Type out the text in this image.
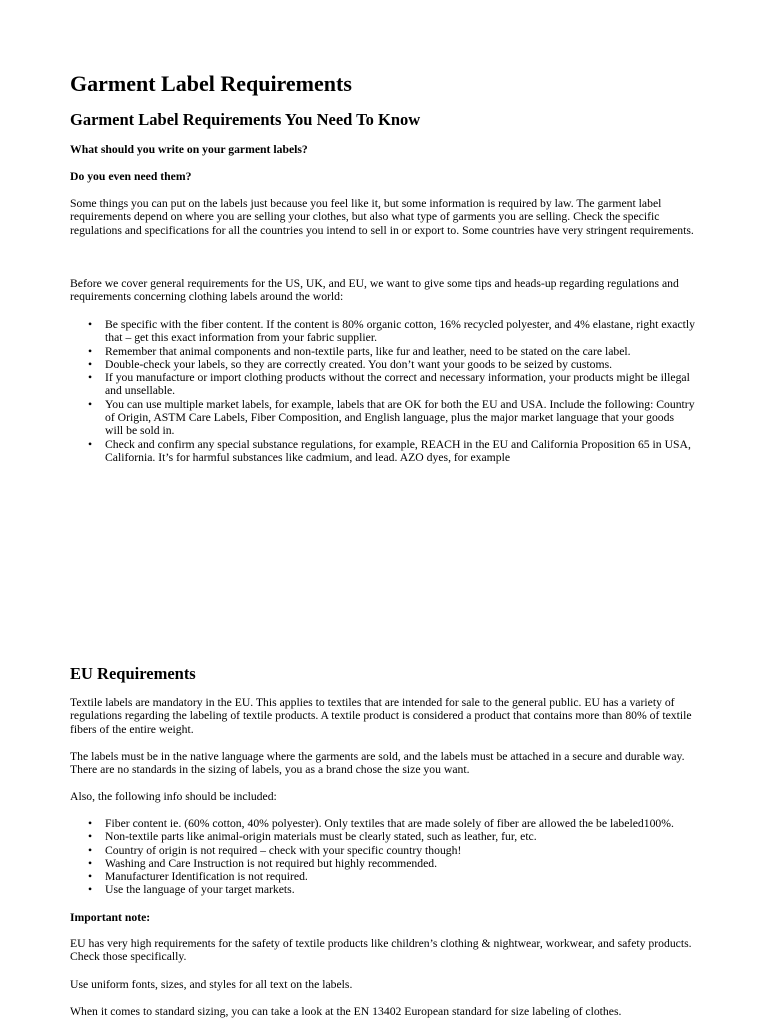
Garment Label Requirements
Garment Label Requirements You Need To Know

What should you write on your garment labels?

Do you even need them?

Some things you can put on the labels just because you feel like it, but some information is required by law. The garment label requirements depend on where you are selling your clothes, but also what type of garments you are selling. Check the specific regulations and specifications for all the countries you intend to sell in or export to. Some countries have very stringent requirements.

Before we cover general requirements for the US, UK, and EU, we want to give some tips and heads-up regarding regulations and requirements concerning clothing labels around the world:

• Be specific with the fiber content. If the content is 80% organic cotton, 16% recycled polyester, and 4% elastane, right exactly that – get this exact information from your fabric supplier.
• Remember that animal components and non-textile parts, like fur and leather, need to be stated on the care label.
• Double-check your labels, so they are correctly created. You don’t want your goods to be seized by customs.
• If you manufacture or import clothing products without the correct and necessary information, your products might be illegal and unsellable.
• You can use multiple market labels, for example, labels that are OK for both the EU and USA. Include the following: Country of Origin, ASTM Care Labels, Fiber Composition, and English language, plus the major market language that your goods will be sold in.
• Check and confirm any special substance regulations, for example, REACH in the EU and California Proposition 65 in USA, California. It’s for harmful substances like cadmium, and lead. AZO dyes, for example
EU Requirements

Textile labels are mandatory in the EU. This applies to textiles that are intended for sale to the general public. EU has a variety of regulations regarding the labeling of textile products. A textile product is considered a product that contains more than 80% of textile fibers of the entire weight.

The labels must be in the native language where the garments are sold, and the labels must be attached in a secure and durable way. There are no standards in the sizing of labels, you as a brand chose the size you want.

Also, the following info should be included:

• Fiber content ie. (60% cotton, 40% polyester). Only textiles that are made solely of fiber are allowed the be labeled100%.
• Non-textile parts like animal-origin materials must be clearly stated, such as leather, fur, etc.
• Country of origin is not required – check with your specific country though!
• Washing and Care Instruction is not required but highly recommended.
• Manufacturer Identification is not required.
• Use the language of your target markets.

Important note:

EU has very high requirements for the safety of textile products like children’s clothing & nightwear, workwear, and safety products. Check those specifically.

Use uniform fonts, sizes, and styles for all text on the labels.

When it comes to standard sizing, you can take a look at the EN 13402 European standard for size labeling of clothes.
